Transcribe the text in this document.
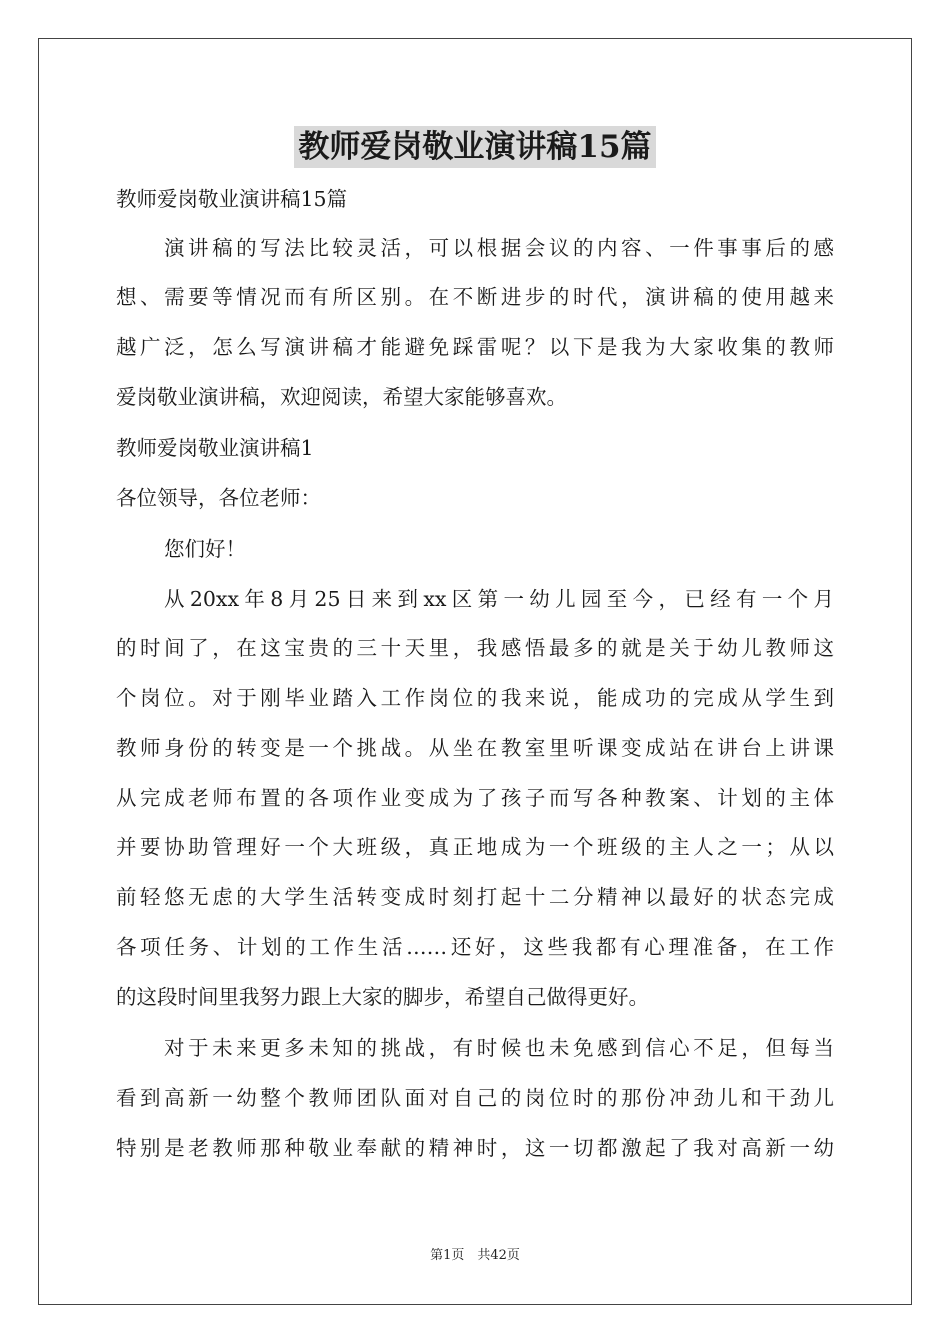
教师爱岗敬业演讲稿15篇
教师爱岗敬业演讲稿15篇
演讲稿的写法比较灵活，可以根据会议的内容、一件事事后的感
想、需要等情况而有所区别。在不断进步的时代，演讲稿的使用越来
越广泛，怎么写演讲稿才能避免踩雷呢？以下是我为大家收集的教师
爱岗敬业演讲稿，欢迎阅读，希望大家能够喜欢。
教师爱岗敬业演讲稿1
各位领导，各位老师：
您们好！
从20xx年8月25日来到xx区第一幼儿园至今，已经有一个月
的时间了，在这宝贵的三十天里，我感悟最多的就是关于幼儿教师这
个岗位。对于刚毕业踏入工作岗位的我来说，能成功的完成从学生到
教师身份的转变是一个挑战。从坐在教室里听课变成站在讲台上讲课
从完成老师布置的各项作业变成为了孩子而写各种教案、计划的主体
并要协助管理好一个大班级，真正地成为一个班级的主人之一；从以
前轻悠无虑的大学生活转变成时刻打起十二分精神以最好的状态完成
各项任务、计划的工作生活……还好，这些我都有心理准备，在工作
的这段时间里我努力跟上大家的脚步，希望自己做得更好。
对于未来更多未知的挑战，有时候也未免感到信心不足，但每当
看到高新一幼整个教师团队面对自己的岗位时的那份冲劲儿和干劲儿
特别是老教师那种敬业奉献的精神时，这一切都激起了我对高新一幼
第1页　共42页
